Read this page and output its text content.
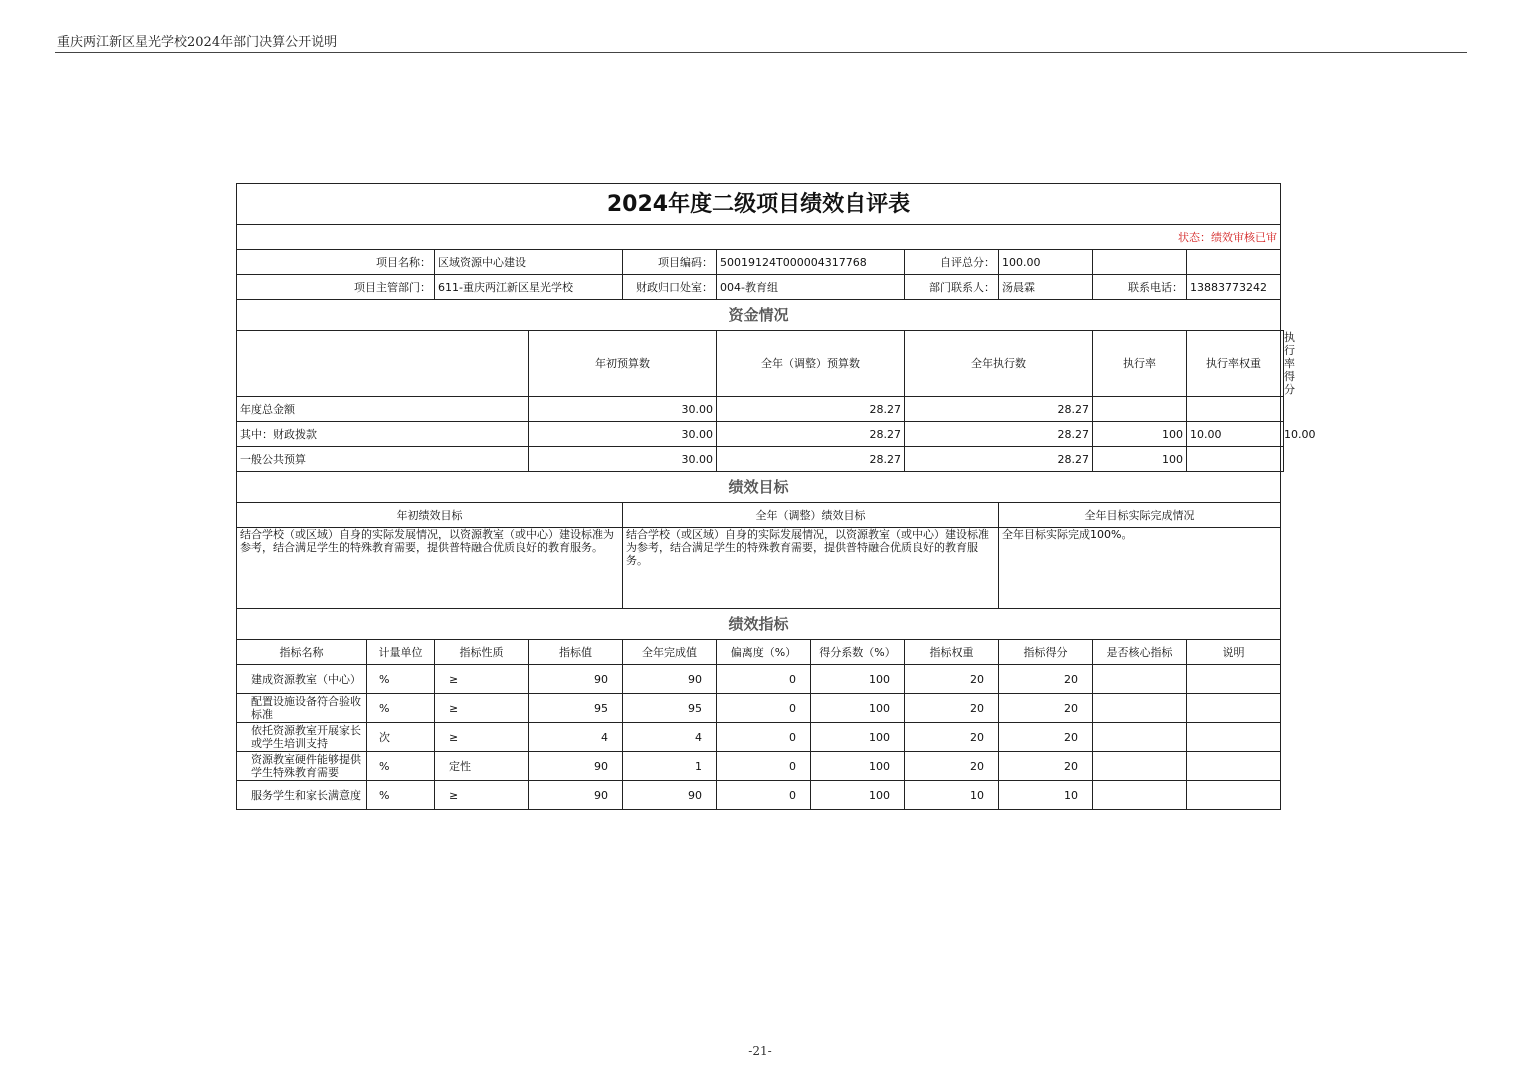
重庆两江新区星光学校2024年部门决算公开说明
2024年度二级项目绩效自评表											
状态：绩效审核已审											
项目名称：		区域资源中心建设		项目编码：	50019124T000004317768		自评总分：	100.00			
项目主管部门：		611-重庆两江新区星光学校		财政归口处室：	004-教育组		部门联系人：	汤晨霖	联系电话：	13883773242	
资金情况											
			年初预算数		全年（调整）预算数		全年执行数		执行率	执行率权重	执行率得分
年度总金额			30.00		28.27		28.27				
其中：财政拨款			30.00		28.27		28.27		100	10.00	10.00
一般公共预算			30.00		28.27		28.27		100		
绩效目标											
年初绩效目标				全年（调整）绩效目标				全年目标实际完成情况			
结合学校（或区域）自身的实际发展情况，以资源教室（或中心）建设标准为参考，结合满足学生的特殊教育需要，提供普特融合优质良好的教育服务。				结合学校（或区域）自身的实际发展情况，以资源教室（或中心）建设标准为参考，结合满足学生的特殊教育需要，提供普特融合优质良好的教育服务。				全年目标实际完成100%。			
绩效指标											
指标名称	计量单位	指标性质	指标值	全年完成值	偏离度（%）	得分系数（%）	指标权重	指标得分	是否核心指标	说明	
建成资源教室（中心）	%	≥	90	90	0	100	20	20			
配置设施设备符合验收标准	%	≥	95	95	0	100	20	20			
依托资源教室开展家长或学生培训支持	次	≥	4	4	0	100	20	20			
资源教室硬件能够提供学生特殊教育需要	%	定性	90	1	0	100	20	20			
服务学生和家长满意度	%	≥	90	90	0	100	10	10			
-21-
